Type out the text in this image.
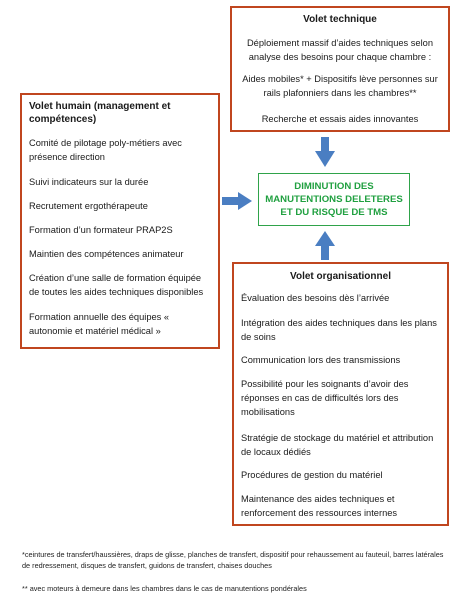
Volet technique
Déploiement massif d’aides techniques selon analyse des besoins pour chaque chambre :
Aides mobiles* + Dispositifs lève personnes sur rails plafonniers dans les chambres**
Recherche et essais aides innovantes
Volet humain (management et compétences)
Comité de pilotage poly-métiers avec présence direction
Suivi indicateurs sur la durée
Recrutement ergothérapeute
Formation d’un formateur PRAP2S
Maintien des compétences animateur
Création d’une salle de formation équipée de toutes les aides techniques disponibles
Formation annuelle des équipes « autonomie et matériel médical »
DIMINUTION DES MANUTENTIONS DELETERES ET DU RISQUE DE TMS
Volet organisationnel
Évaluation des besoins dès l’arrivée
Intégration des aides techniques dans les plans de soins
Communication lors des transmissions
Possibilité pour les soignants d’avoir des réponses en cas de difficultés lors des mobilisations
Stratégie de stockage du matériel et attribution de locaux dédiés
Procédures de gestion du matériel
Maintenance des aides techniques et renforcement des ressources internes
*ceintures de transfert/haussières, draps de glisse, planches de transfert, dispositif pour rehaussement au fauteuil, barres latérales de redressement, disques de transfert, guidons de transfert, chaises douches
** avec moteurs à demeure dans les chambres dans le cas de manutentions pondérales
